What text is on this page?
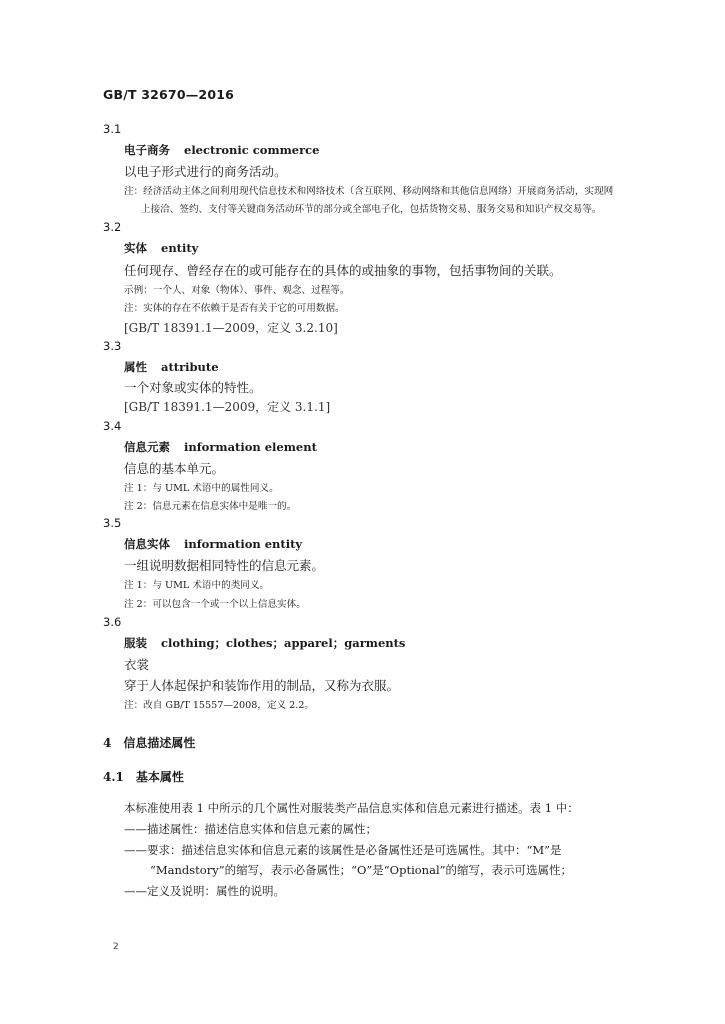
GB/T 32670—2016
3.1
电子商务 electronic commerce
以电子形式进行的商务活动。
注：经济活动主体之间利用现代信息技术和网络技术（含互联网、移动网络和其他信息网络）开展商务活动，实现网
上接洽、签约、支付等关键商务活动环节的部分或全部电子化，包括货物交易、服务交易和知识产权交易等。
3.2
实体 entity
任何现存、曾经存在的或可能存在的具体的或抽象的事物，包括事物间的关联。
示例：一个人、对象（物体）、事件、观念、过程等。
注：实体的存在不依赖于是否有关于它的可用数据。
[GB/T 18391.1—2009，定义 3.2.10]
3.3
属性 attribute
一个对象或实体的特性。
[GB/T 18391.1—2009，定义 3.1.1]
3.4
信息元素 information element
信息的基本单元。
注 1：与 UML 术语中的属性同义。
注 2：信息元素在信息实体中是唯一的。
3.5
信息实体 information entity
一组说明数据相同特性的信息元素。
注 1：与 UML 术语中的类同义。
注 2：可以包含一个或一个以上信息实体。
3.6
服装 clothing；clothes；apparel；garments
衣裳
穿于人体起保护和装饰作用的制品，又称为衣服。
注：改自 GB/T 15557—2008，定义 2.2。
4 信息描述属性
4.1 基本属性
本标准使用表 1 中所示的几个属性对服装类产品信息实体和信息元素进行描述。表 1 中：
——描述属性：描述信息实体和信息元素的属性；
——要求：描述信息实体和信息元素的该属性是必备属性还是可选属性。其中：“M”是
“Mandstory”的缩写，表示必备属性；“O”是“Optional”的缩写，表示可选属性；
——定义及说明：属性的说明。
2
